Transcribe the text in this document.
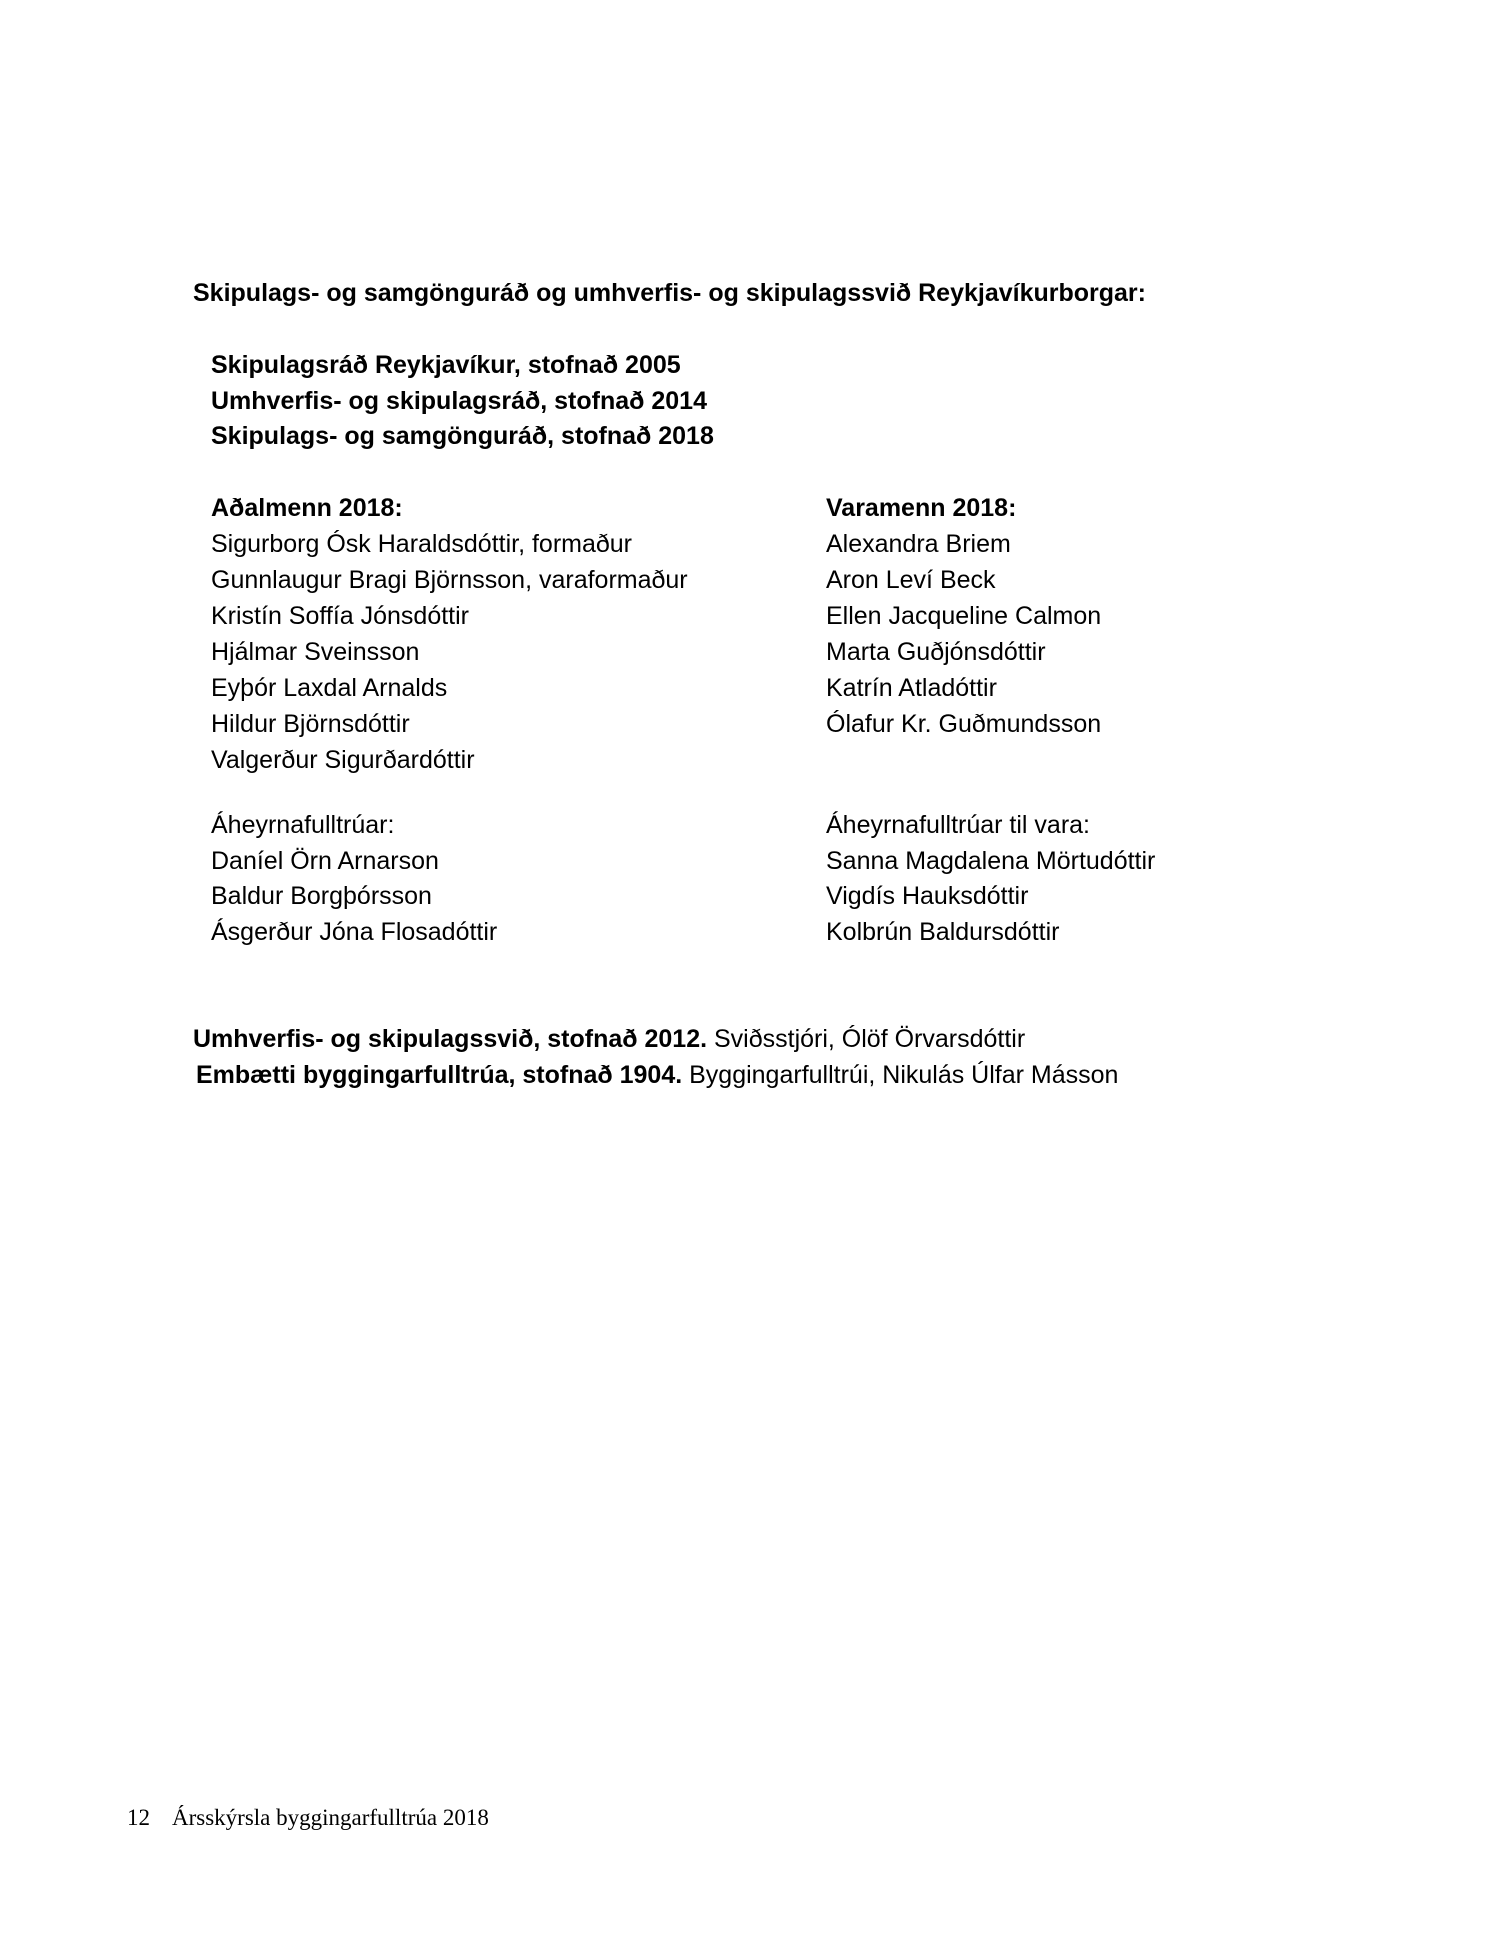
Skipulags- og samgönguráð og umhverfis- og skipulagssvið Reykjavíkurborgar:
Skipulagsráð Reykjavíkur, stofnað 2005
Umhverfis- og skipulagsráð, stofnað 2014
Skipulags- og samgönguráð, stofnað 2018
Aðalmenn 2018:
Sigurborg Ósk Haraldsdóttir, formaður
Gunnlaugur Bragi Björnsson, varaformaður
Kristín Soffía Jónsdóttir
Hjálmar Sveinsson
Eyþór Laxdal Arnalds
Hildur Björnsdóttir
Valgerður Sigurðardóttir
Varamenn 2018:
Alexandra Briem
Aron Leví Beck
Ellen Jacqueline Calmon
Marta Guðjónsdóttir
Katrín Atladóttir
Ólafur Kr. Guðmundsson
Áheyrnafulltrúar:
Daníel Örn Arnarson
Baldur Borgþórsson
Ásgerður Jóna Flosadóttir
Áheyrnafulltrúar til vara:
Sanna Magdalena Mörtudóttir
Vigdís Hauksdóttir
Kolbrún Baldursdóttir
Umhverfis- og skipulagssvið, stofnað 2012. Sviðsstjóri, Ólöf Örvarsdóttir
Embætti byggingarfulltrúa, stofnað 1904. Byggingarfulltrúi, Nikulás Úlfar Másson
12 Ársskýrsla byggingarfulltrúa 2018
